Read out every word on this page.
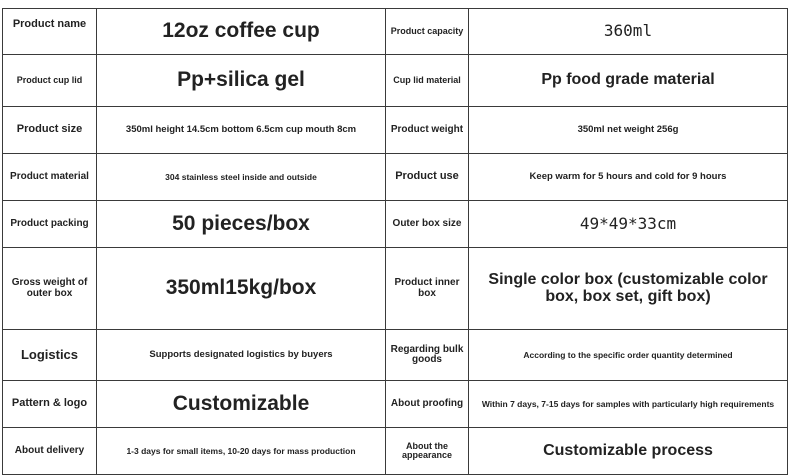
Product name	12oz coffee cup	Product capacity	360ml
Product cup lid	Pp+silica gel	Cup lid material	Pp food grade material
Product size	350ml height 14.5cm bottom 6.5cm cup mouth 8cm	Product weight	350ml net weight 256g
Product material	304 stainless steel inside and outside	Product use	Keep warm for 5 hours and cold for 9 hours
Product packing	50 pieces/box	Outer box size	49*49*33cm
Gross weight of outer box	350ml15kg/box	Product inner box	Single color box (customizable color box, box set, gift box)
Logistics	Supports designated logistics by buyers	Regarding bulk goods	According to the specific order quantity determined
Pattern & logo	Customizable	About proofing	Within 7 days, 7-15 days for samples with particularly high requirements
About delivery	1-3 days for small items, 10-20 days for mass production	About the appearance	Customizable process
